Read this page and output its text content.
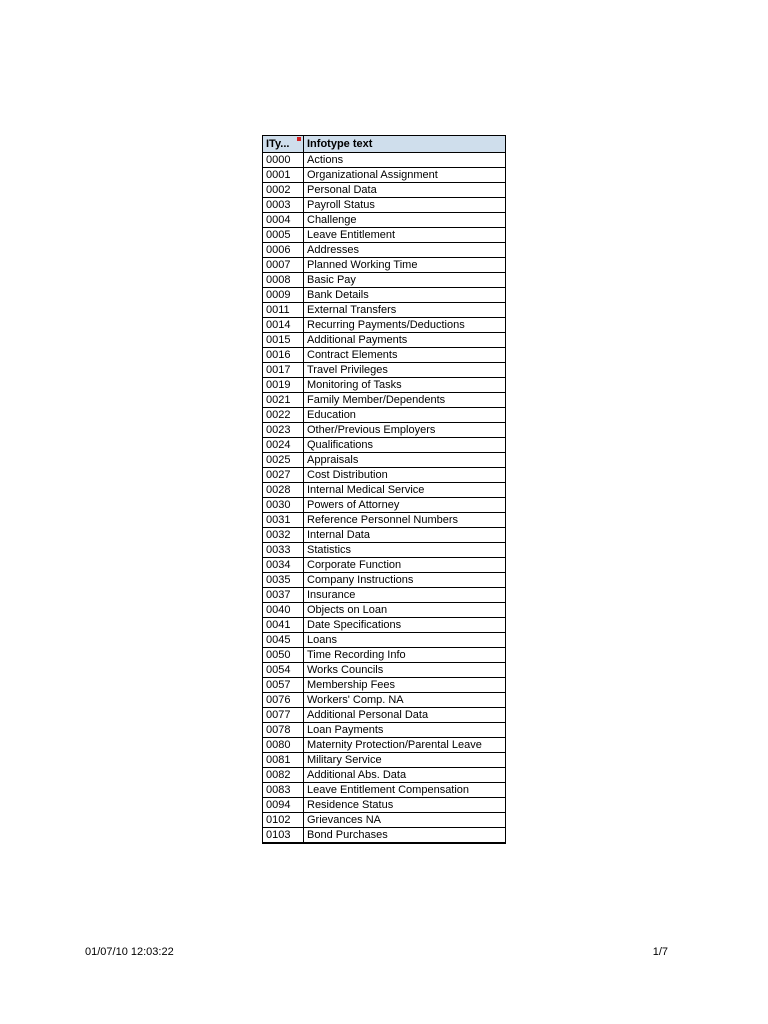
ITy...	Infotype text
0000	Actions
0001	Organizational Assignment
0002	Personal Data
0003	Payroll Status
0004	Challenge
0005	Leave Entitlement
0006	Addresses
0007	Planned Working Time
0008	Basic Pay
0009	Bank Details
0011	External Transfers
0014	Recurring Payments/Deductions
0015	Additional Payments
0016	Contract Elements
0017	Travel Privileges
0019	Monitoring of Tasks
0021	Family Member/Dependents
0022	Education
0023	Other/Previous Employers
0024	Qualifications
0025	Appraisals
0027	Cost Distribution
0028	Internal Medical Service
0030	Powers of Attorney
0031	Reference Personnel Numbers
0032	Internal Data
0033	Statistics
0034	Corporate Function
0035	Company Instructions
0037	Insurance
0040	Objects on Loan
0041	Date Specifications
0045	Loans
0050	Time Recording Info
0054	Works Councils
0057	Membership Fees
0076	Workers' Comp. NA
0077	Additional Personal Data
0078	Loan Payments
0080	Maternity Protection/Parental Leave
0081	Military Service
0082	Additional Abs. Data
0083	Leave Entitlement Compensation
0094	Residence Status
0102	Grievances NA
0103	Bond Purchases
01/07/10 12:03:22	1/7
